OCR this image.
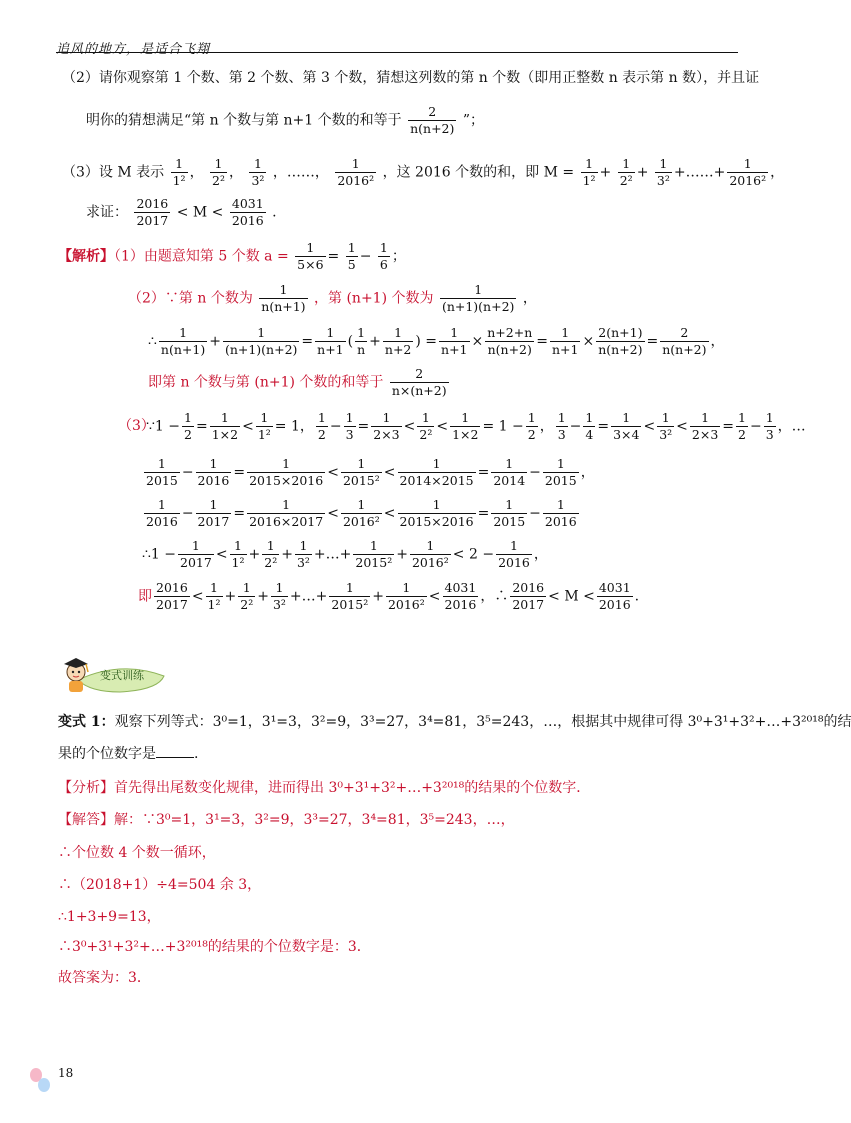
追风的地方，是适合飞翔
（2）请你观察第 1 个数、第 2 个数、第 3 个数，猜想这列数的第 n 个数（即用正整数 n 表示第 n 数），并且证
明你的猜想满足“第 n 个数与第 n+1 个数的和等于 $\frac{2}{n(n+2)}$ ”；
（3）设 M 表示 $\frac{1}{\text{1²}}$ ， $\frac{1}{\text{2²}}$ ， $\frac{1}{\text{3²}}$ ，……， $\frac{1}{\text{2016²}}$ ，这 2016 个数的和，即 $M = \frac{1}{\text{1²}} + \frac{1}{\text{2²}} + \frac{1}{\text{3²}}$ +……+ $\frac{1}{\text{2016²}}$ ，
求证： $\frac{2016}{2017} < M < \frac{4031}{2016}$ .
【解析】（1）由题意知第 5 个数 $a = \frac{1}{5\times 6} = \frac{1}{5} - \frac{1}{6}$ ；
（2）∵第 n 个数为 $\frac{1}{n(n+1)}$ ，第 (n+1) 个数为 $\frac{1}{(n+1)(n+2)}$ ，
∴ $\frac{1}{n(n+1)} + \frac{1}{(n+1)(n+2)} = \frac{1}{n+1}$ ( $\frac{1}{n} + \frac{1}{n+2}$ ) = $\frac{1}{n+1} \times \frac{n+2+n}{n(n+2)} = \frac{1}{n+1} \times \frac{2(n+1)}{n(n+2)} = \frac{2}{n(n+2)}$ ，
即第 n 个数与第 (n+1) 个数的和等于 $\frac{2}{n\times(n+2)}$
（3）
∵1 − $\frac{1}{2} = \frac{1}{1\times 2} < \frac{1}{\text{1²}} = 1$， $\frac{1}{2} - \frac{1}{3} = \frac{1}{2\times 3} < \frac{1}{\text{2²}} < \frac{1}{1\times 2} = 1 - \frac{1}{2}$ ， $\frac{1}{3} - \frac{1}{4} = \frac{1}{3\times 4} < \frac{1}{\text{3²}} < \frac{1}{2\times 3} = \frac{1}{2} - \frac{1}{3}$ ，…
$\frac{1}{2015} - \frac{1}{2016} = \frac{1}{2015\times 2016} < \frac{1}{\text{2015²}} < \frac{1}{2014\times 2015} = \frac{1}{2014} - \frac{1}{2015}$ ，
$\frac{1}{2016} - \frac{1}{2017} = \frac{1}{2016\times 2017} < \frac{1}{\text{2016²}} < \frac{1}{2015\times 2016} = \frac{1}{2015} - \frac{1}{2016}$
∴1 − $\frac{1}{2017} < \frac{1}{\text{1²}} + \frac{1}{\text{2²}} + \frac{1}{\text{3²}}$ +…+ $\frac{1}{\text{2015²}} + \frac{1}{\text{2016²}} < 2 - \frac{1}{2016}$ ，
即 $\frac{2016}{2017} < \frac{1}{\text{1²}} + \frac{1}{\text{2²}} + \frac{1}{\text{3²}}$ +…+ $\frac{1}{\text{2015²}} + \frac{1}{\text{2016²}} < \frac{4031}{2016}$ ，∴ $\frac{2016}{2017} < M < \frac{4031}{2016}$ .
变式训练
变式 1：观察下列等式：3⁰=1，3¹=3，3²=9，3³=27，3⁴=81，3⁵=243，…，根据其中规律可得 3⁰+3¹+3²+…+3²⁰¹⁸的结
果的个位数字是	.
【分析】首先得出尾数变化规律，进而得出 3⁰+3¹+3²+…+3²⁰¹⁸的结果的个位数字．
【解答】解：∵3⁰=1，3¹=3，3²=9，3³=27，3⁴=81，3⁵=243，…，
∴个位数 4 个数一循环，
∴（2018+1）÷4=504 余 3，
∴1+3+9=13，
∴3⁰+3¹+3²+…+3²⁰¹⁸的结果的个位数字是：3．
故答案为：3．
18
